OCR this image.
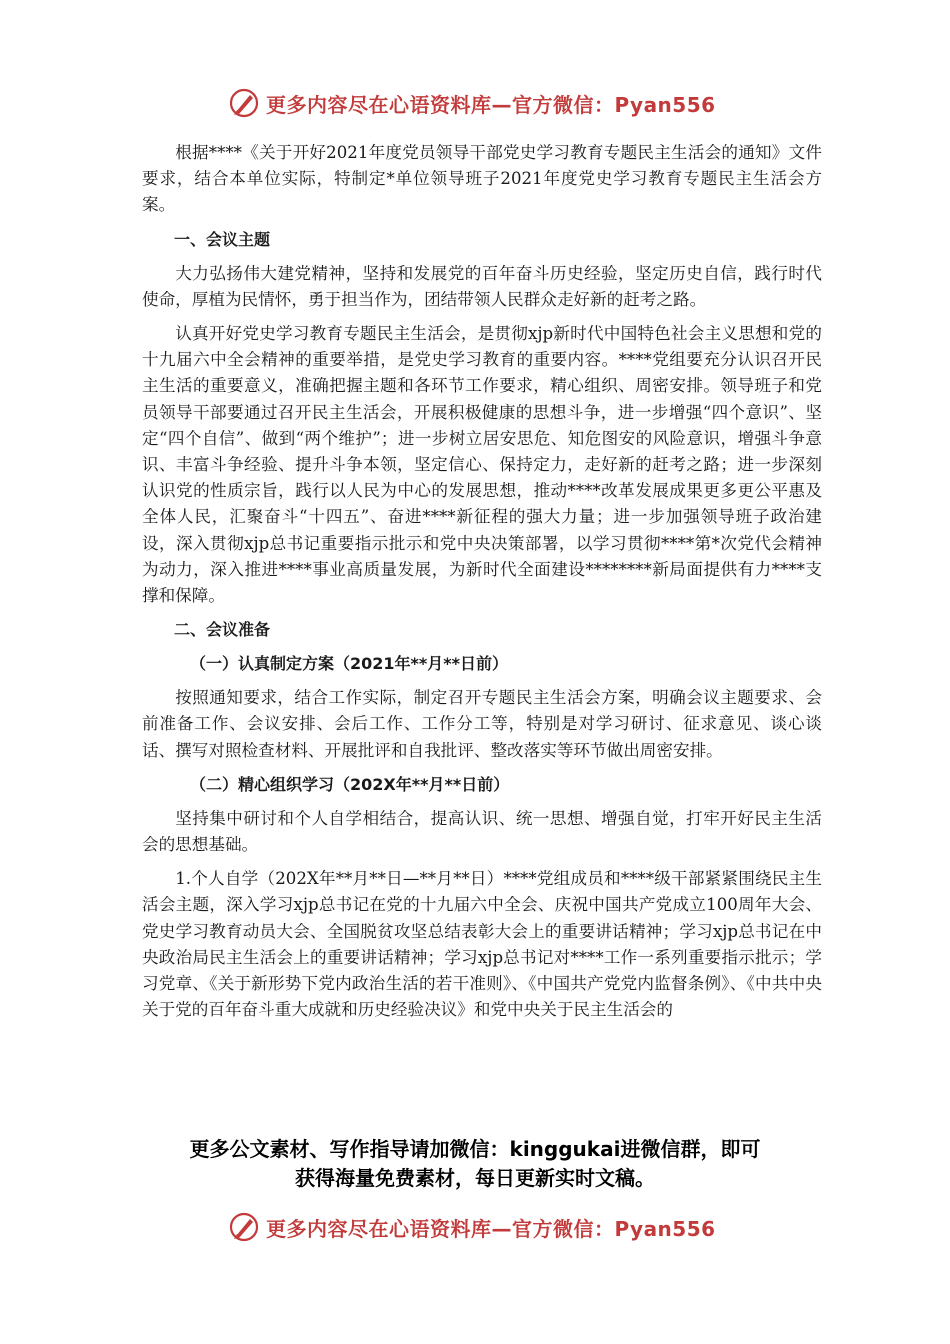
更多内容尽在心语资料库—官方微信：Pyan556

根据****《关于开好2021年度党员领导干部党史学习教育专题民主生活会的通知》文件要求，结合本单位实际，特制定*单位领导班子2021年度党史学习教育专题民主生活会方案。

一、会议主题

大力弘扬伟大建党精神，坚持和发展党的百年奋斗历史经验，坚定历史自信，践行时代使命，厚植为民情怀，勇于担当作为，团结带领人民群众走好新的赶考之路。

认真开好党史学习教育专题民主生活会，是贯彻xjp新时代中国特色社会主义思想和党的十九届六中全会精神的重要举措，是党史学习教育的重要内容。****党组要充分认识召开民主生活的重要意义，准确把握主题和各环节工作要求，精心组织、周密安排。领导班子和党员领导干部要通过召开民主生活会，开展积极健康的思想斗争，进一步增强“四个意识”、坚定“四个自信”、做到“两个维护”；进一步树立居安思危、知危图安的风险意识，增强斗争意识、丰富斗争经验、提升斗争本领，坚定信心、保持定力，走好新的赶考之路；进一步深刻认识党的性质宗旨，践行以人民为中心的发展思想，推动****改革发展成果更多更公平惠及全体人民，汇聚奋斗“十四五”、奋进****新征程的强大力量；进一步加强领导班子政治建设，深入贯彻xjp总书记重要指示批示和党中央决策部署，以学习贯彻****第*次党代会精神为动力，深入推进****事业高质量发展，为新时代全面建设********新局面提供有力****支撑和保障。

二、会议准备

（一）认真制定方案（2021年**月**日前）

按照通知要求，结合工作实际，制定召开专题民主生活会方案，明确会议主题要求、会前准备工作、会议安排、会后工作、工作分工等，特别是对学习研讨、征求意见、谈心谈话、撰写对照检查材料、开展批评和自我批评、整改落实等环节做出周密安排。

（二）精心组织学习（202X年**月**日前）

坚持集中研讨和个人自学相结合，提高认识、统一思想、增强自觉，打牢开好民主生活会的思想基础。

1.个人自学（202X年**月**日—**月**日）****党组成员和****级干部紧紧围绕民主生活会主题，深入学习xjp总书记在党的十九届六中全会、庆祝中国共产党成立100周年大会、党史学习教育动员大会、全国脱贫攻坚总结表彰大会上的重要讲话精神；学习xjp总书记在中央政治局民主生活会上的重要讲话精神；学习xjp总书记对****工作一系列重要指示批示；学习党章、《关于新形势下党内政治生活的若干准则》、《中国共产党党内监督条例》、《中共中央关于党的百年奋斗重大成就和历史经验决议》和党中央关于民主生活会的

更多公文素材、写作指导请加微信：kinggukai进微信群，即可
获得海量免费素材，每日更新实时文稿。
更多内容尽在心语资料库—官方微信：Pyan556
